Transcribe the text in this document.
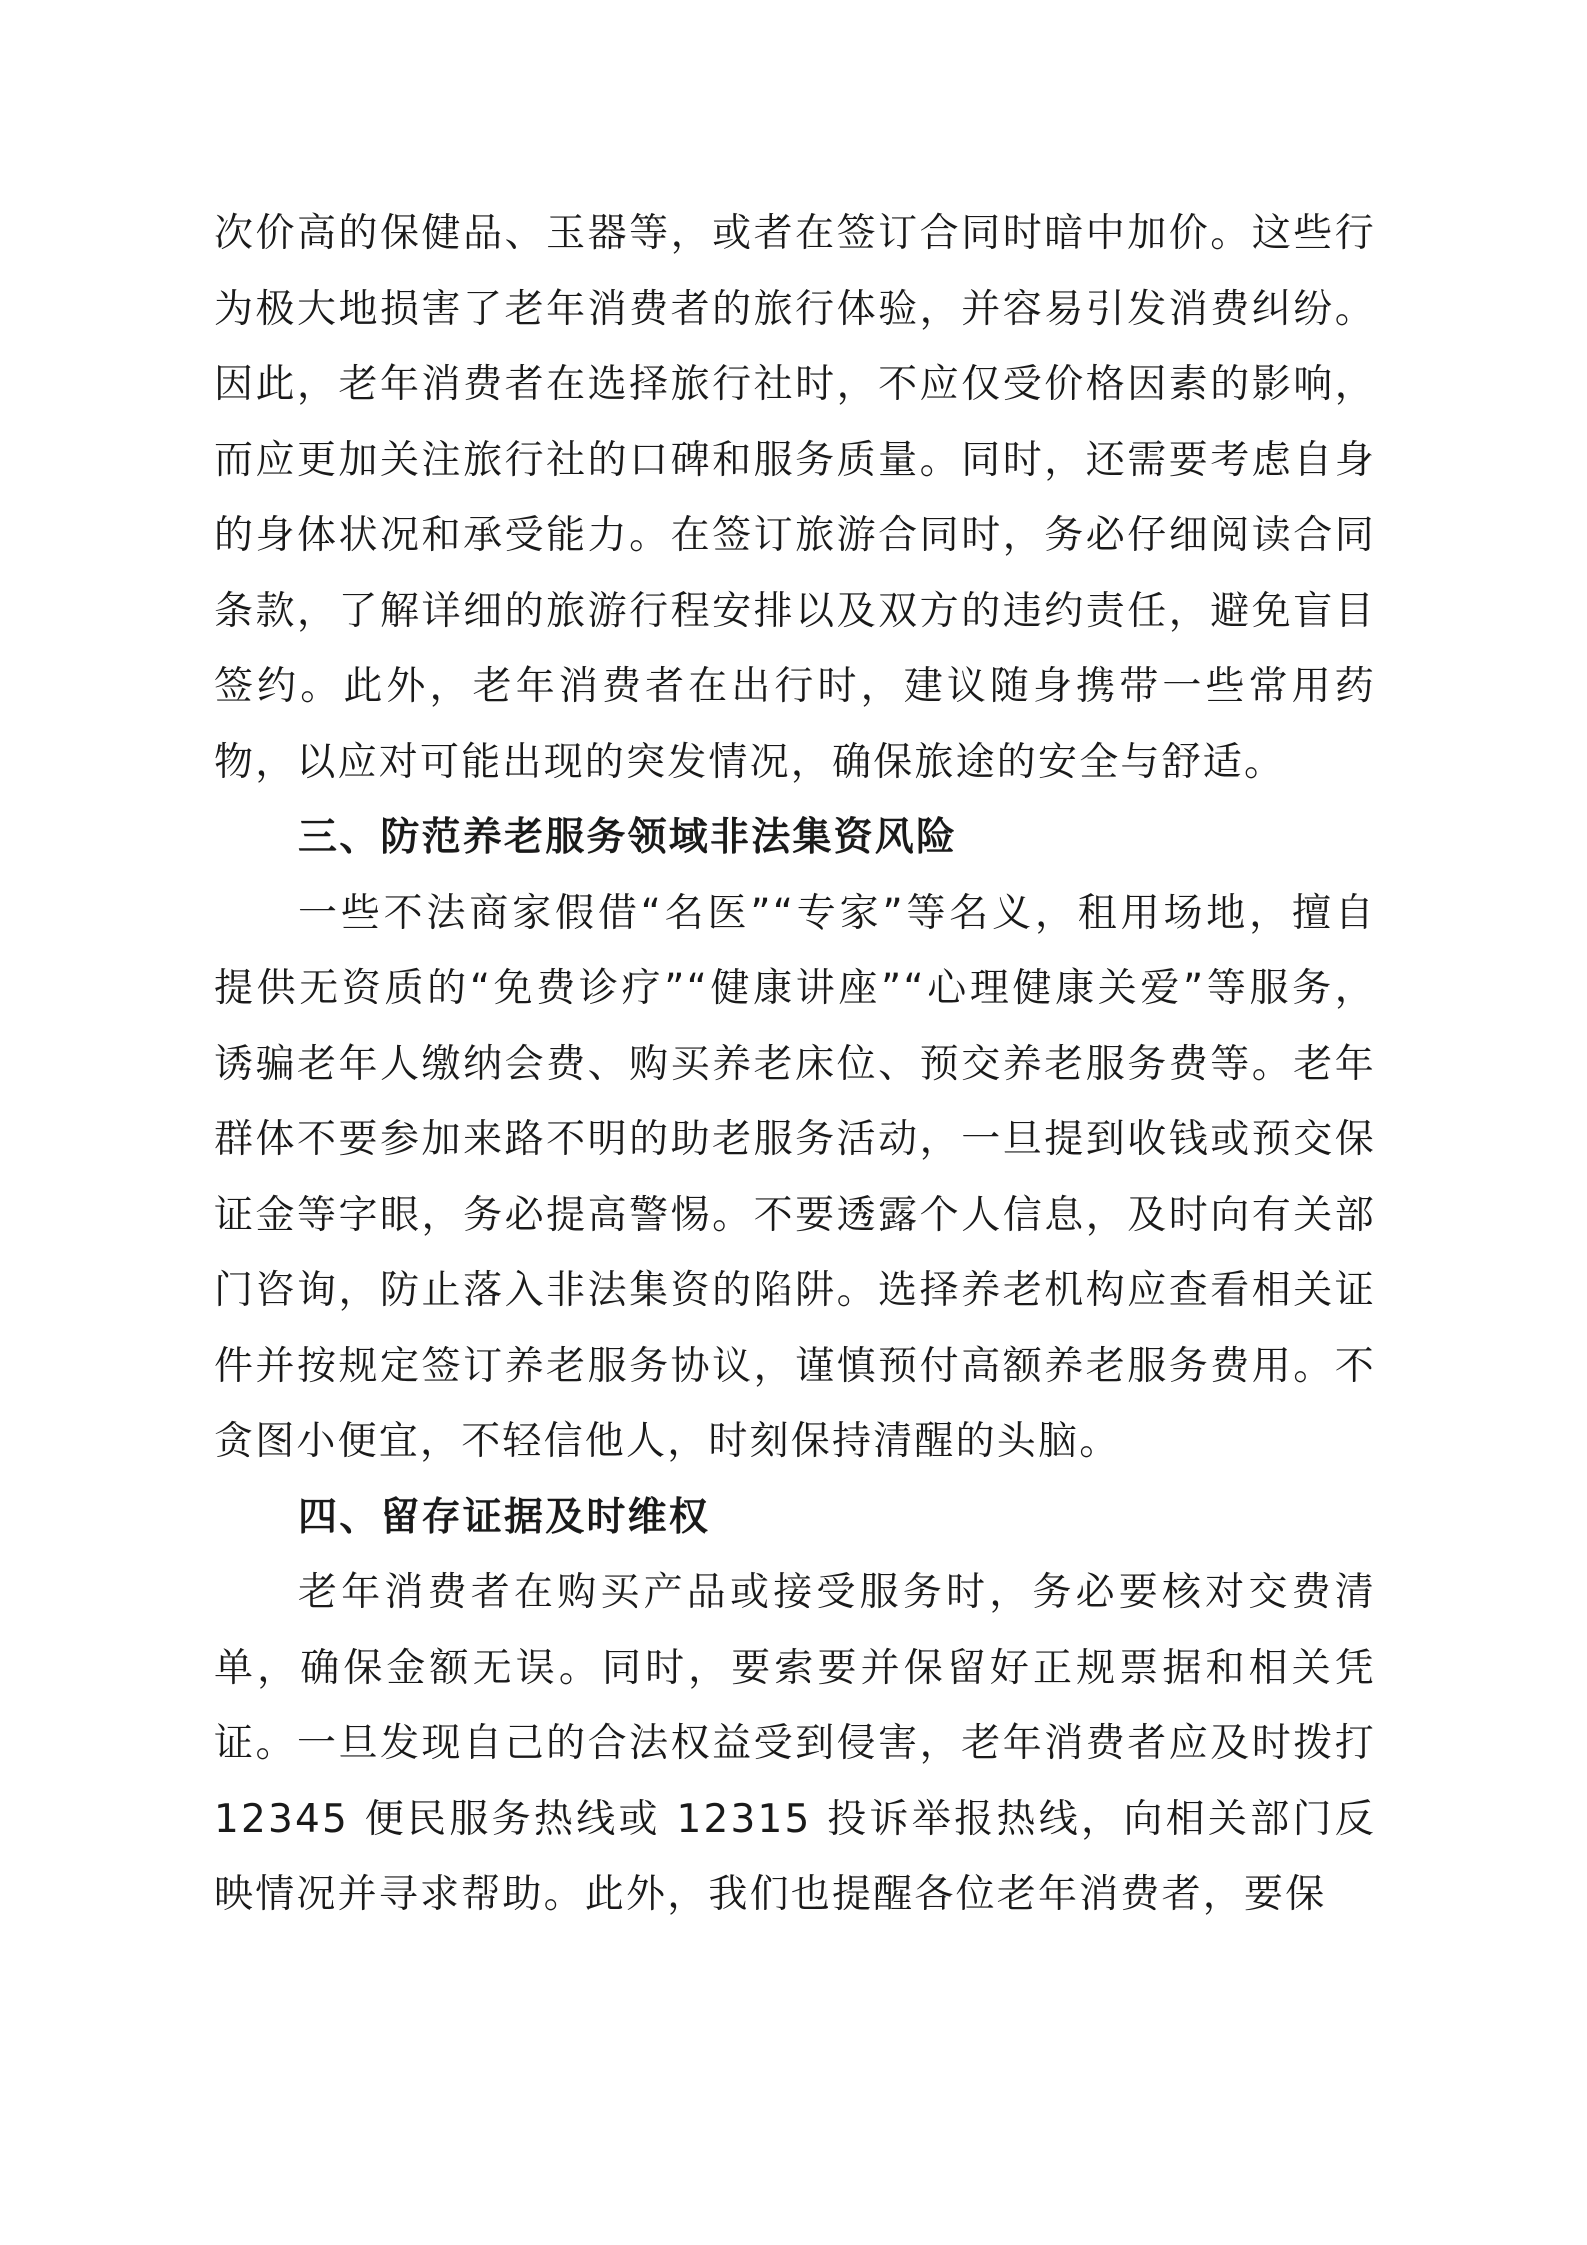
次价高的保健品、玉器等，或者在签订合同时暗中加价。这些行为极大地损害了老年消费者的旅行体验，并容易引发消费纠纷。因此，老年消费者在选择旅行社时，不应仅受价格因素的影响，而应更加关注旅行社的口碑和服务质量。同时，还需要考虑自身的身体状况和承受能力。在签订旅游合同时，务必仔细阅读合同条款，了解详细的旅游行程安排以及双方的违约责任，避免盲目签约。此外，老年消费者在出行时，建议随身携带一些常用药物，以应对可能出现的突发情况，确保旅途的安全与舒适。

三、防范养老服务领域非法集资风险

一些不法商家假借“名医”“专家”等名义，租用场地，擅自提供无资质的“免费诊疗”“健康讲座”“心理健康关爱”等服务，诱骗老年人缴纳会费、购买养老床位、预交养老服务费等。老年群体不要参加来路不明的助老服务活动，一旦提到收钱或预交保证金等字眼，务必提高警惕。不要透露个人信息，及时向有关部门咨询，防止落入非法集资的陷阱。选择养老机构应查看相关证件并按规定签订养老服务协议，谨慎预付高额养老服务费用。不贪图小便宜，不轻信他人，时刻保持清醒的头脑。

四、留存证据及时维权

老年消费者在购买产品或接受服务时，务必要核对交费清单，确保金额无误。同时，要索要并保留好正规票据和相关凭证。一旦发现自己的合法权益受到侵害，老年消费者应及时拨打 12345 便民服务热线或 12315 投诉举报热线，向相关部门反映情况并寻求帮助。此外，我们也提醒各位老年消费者，要保
